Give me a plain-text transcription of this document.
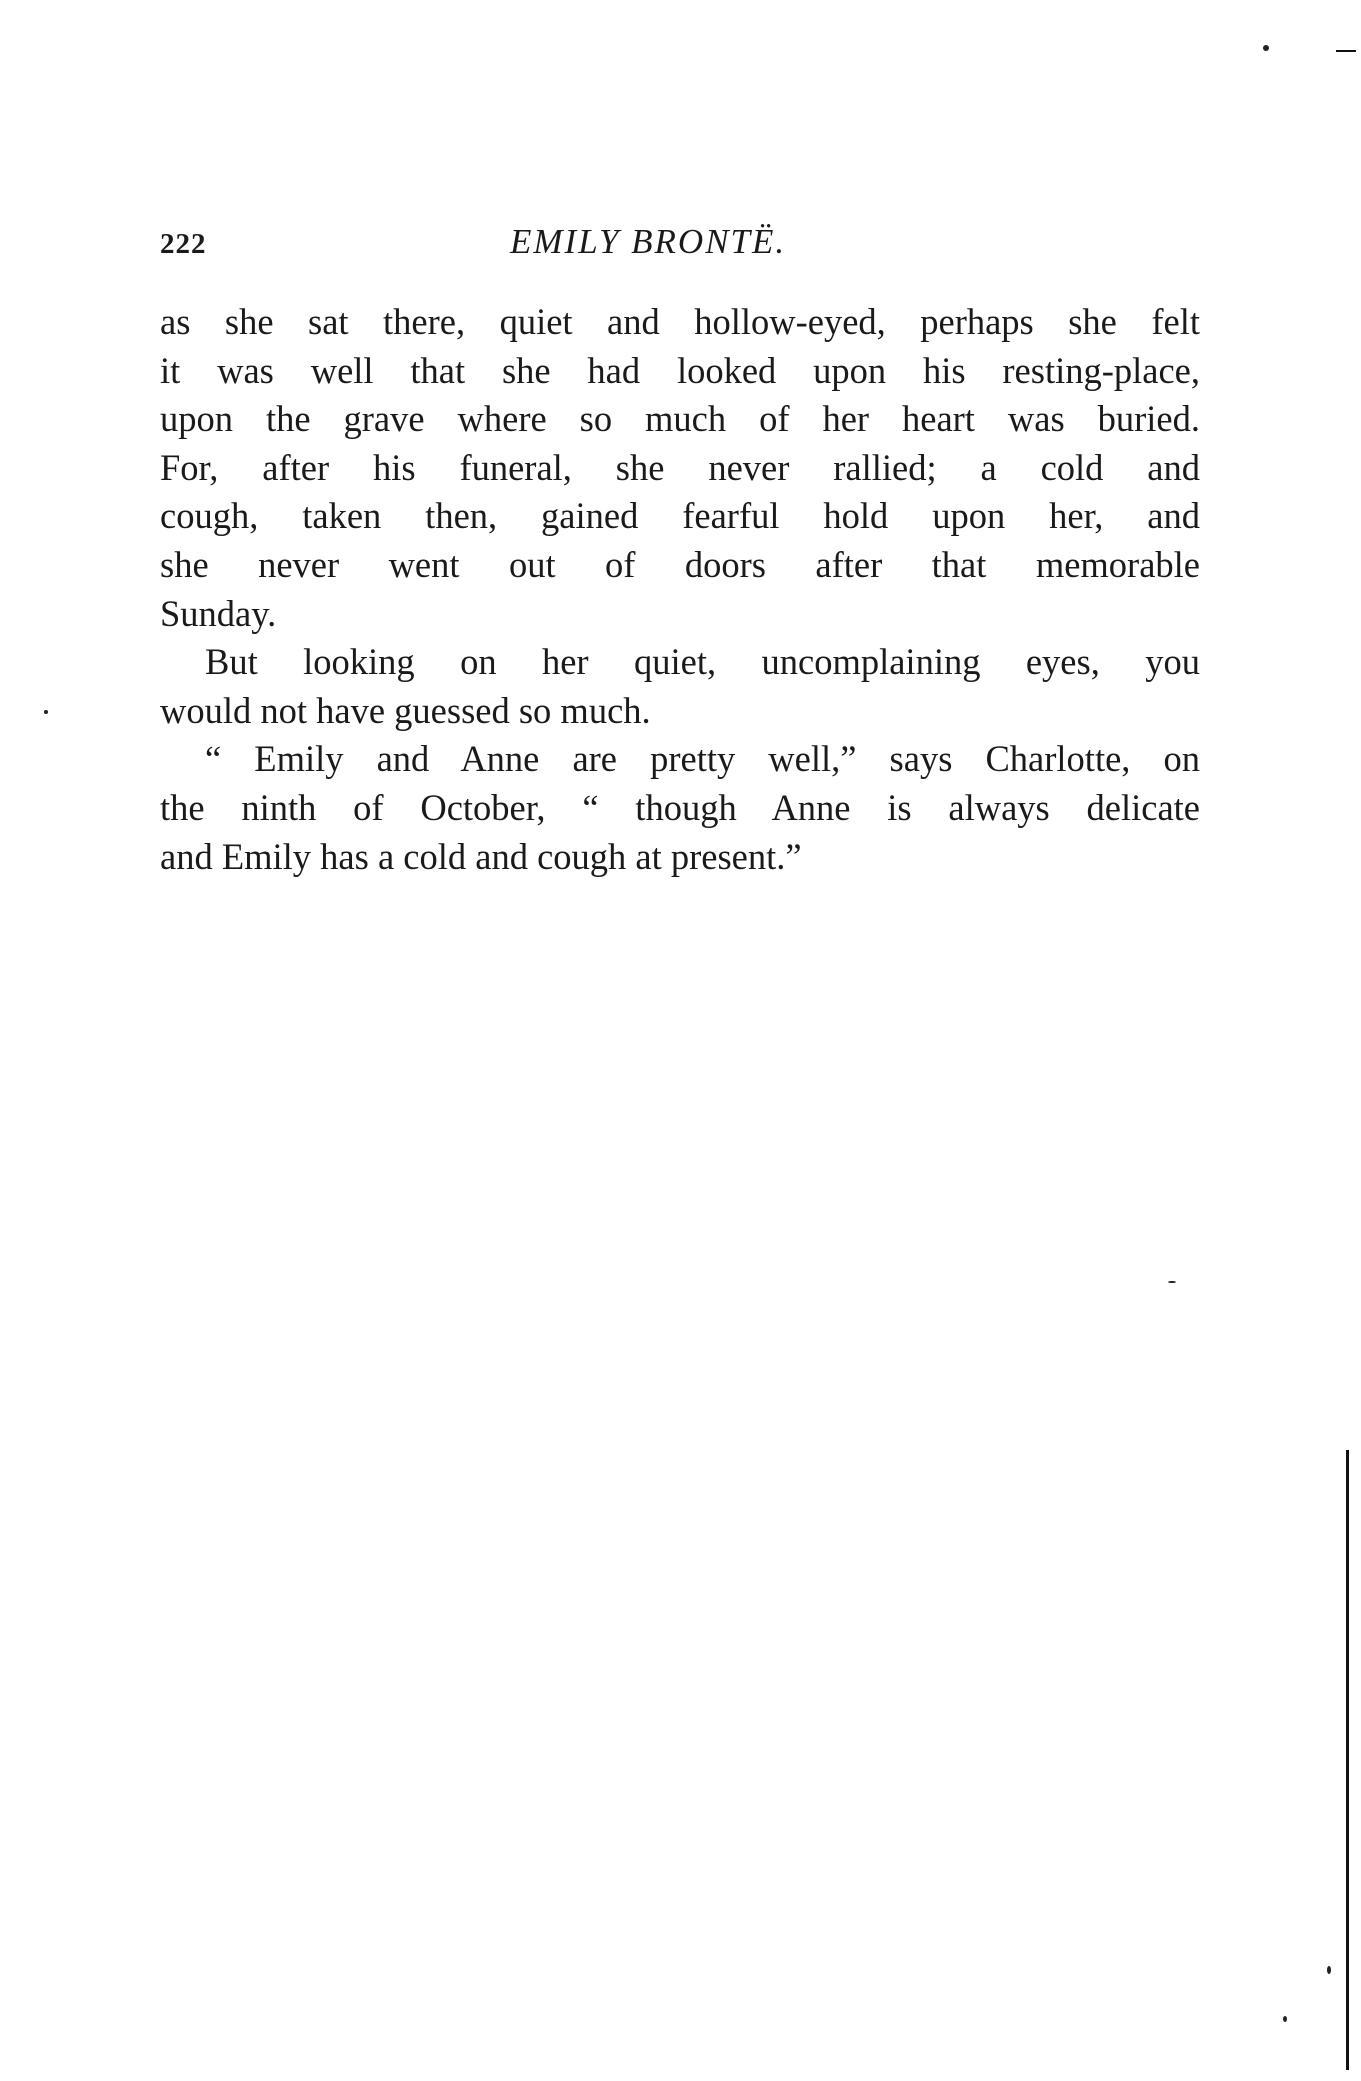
222	EMILY BRONTË.
as she sat there, quiet and hollow-eyed, perhaps she felt
it was well that she had looked upon his resting-place,
upon the grave where so much of her heart was buried.
For, after his funeral, she never rallied; a cold and
cough, taken then, gained fearful hold upon her, and
she never went out of doors after that memorable
Sunday.
But looking on her quiet, uncomplaining eyes, you
would not have guessed so much.
“ Emily and Anne are pretty well,” says Charlotte, on
the ninth of October, “ though Anne is always delicate
and Emily has a cold and cough at present.”
